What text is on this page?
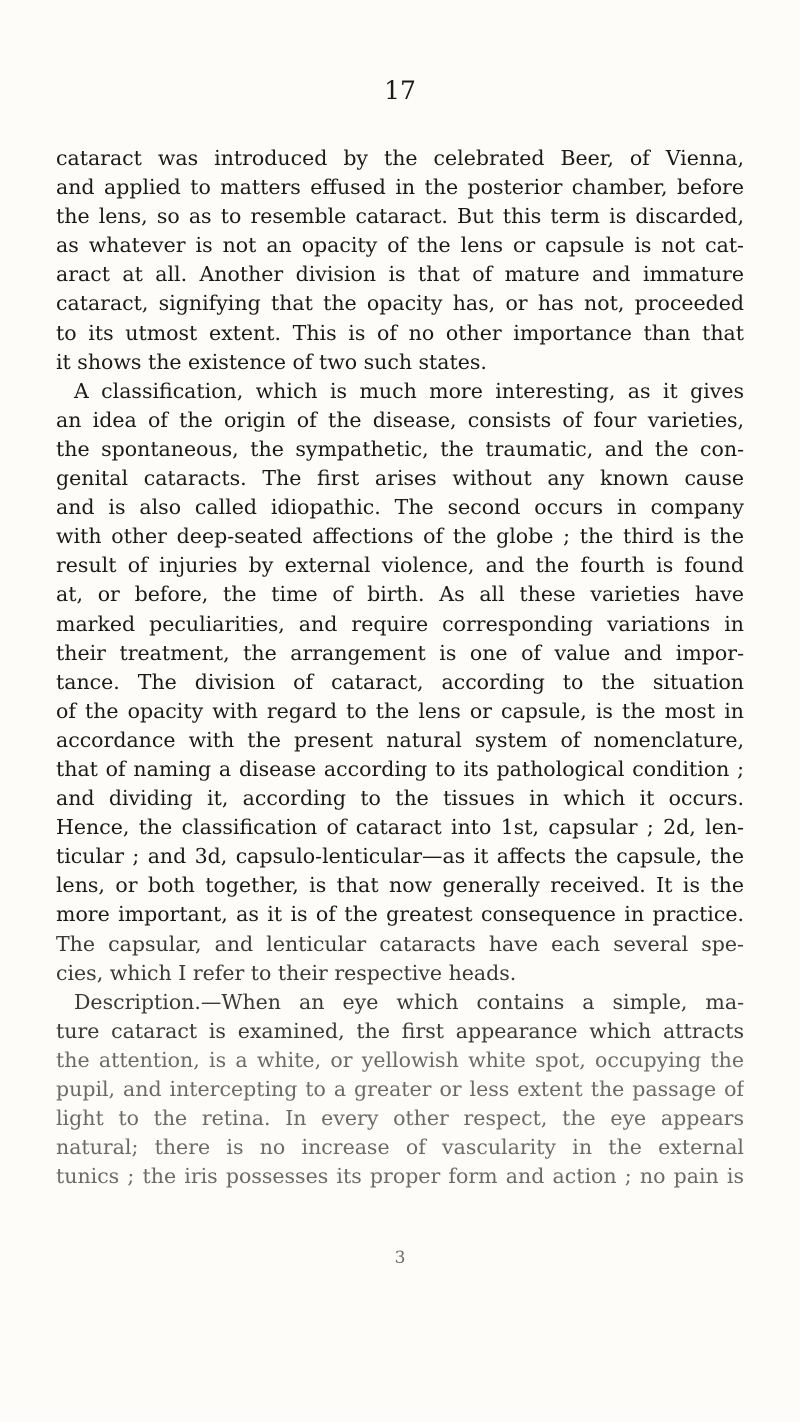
17
cataract was introduced by the celebrated Beer, of Vienna,
and applied to matters effused in the posterior chamber, before
the lens, so as to resemble cataract. But this term is discarded,
as whatever is not an opacity of the lens or capsule is not cat-
aract at all. Another division is that of mature and immature
cataract, signifying that the opacity has, or has not, proceeded
to its utmost extent. This is of no other importance than that
it shows the existence of two such states.
A classification, which is much more interesting, as it gives
an idea of the origin of the disease, consists of four varieties,
the spontaneous, the sympathetic, the traumatic, and the con-
genital cataracts. The first arises without any known cause
and is also called idiopathic. The second occurs in company
with other deep-seated affections of the globe ; the third is the
result of injuries by external violence, and the fourth is found
at, or before, the time of birth. As all these varieties have
marked peculiarities, and require corresponding variations in
their treatment, the arrangement is one of value and impor-
tance. The division of cataract, according to the situation
of the opacity with regard to the lens or capsule, is the most in
accordance with the present natural system of nomenclature,
that of naming a disease according to its pathological condition ;
and dividing it, according to the tissues in which it occurs.
Hence, the classification of cataract into 1st, capsular ; 2d, len-
ticular ; and 3d, capsulo-lenticular—as it affects the capsule, the
lens, or both together, is that now generally received. It is the
more important, as it is of the greatest consequence in practice.
The capsular, and lenticular cataracts have each several spe-
cies, which I refer to their respective heads.
Description.—When an eye which contains a simple, ma-
ture cataract is examined, the first appearance which attracts
the attention, is a white, or yellowish white spot, occupying the
pupil, and intercepting to a greater or less extent the passage of
light to the retina. In every other respect, the eye appears
natural; there is no increase of vascularity in the external
tunics ; the iris possesses its proper form and action ; no pain is
3
